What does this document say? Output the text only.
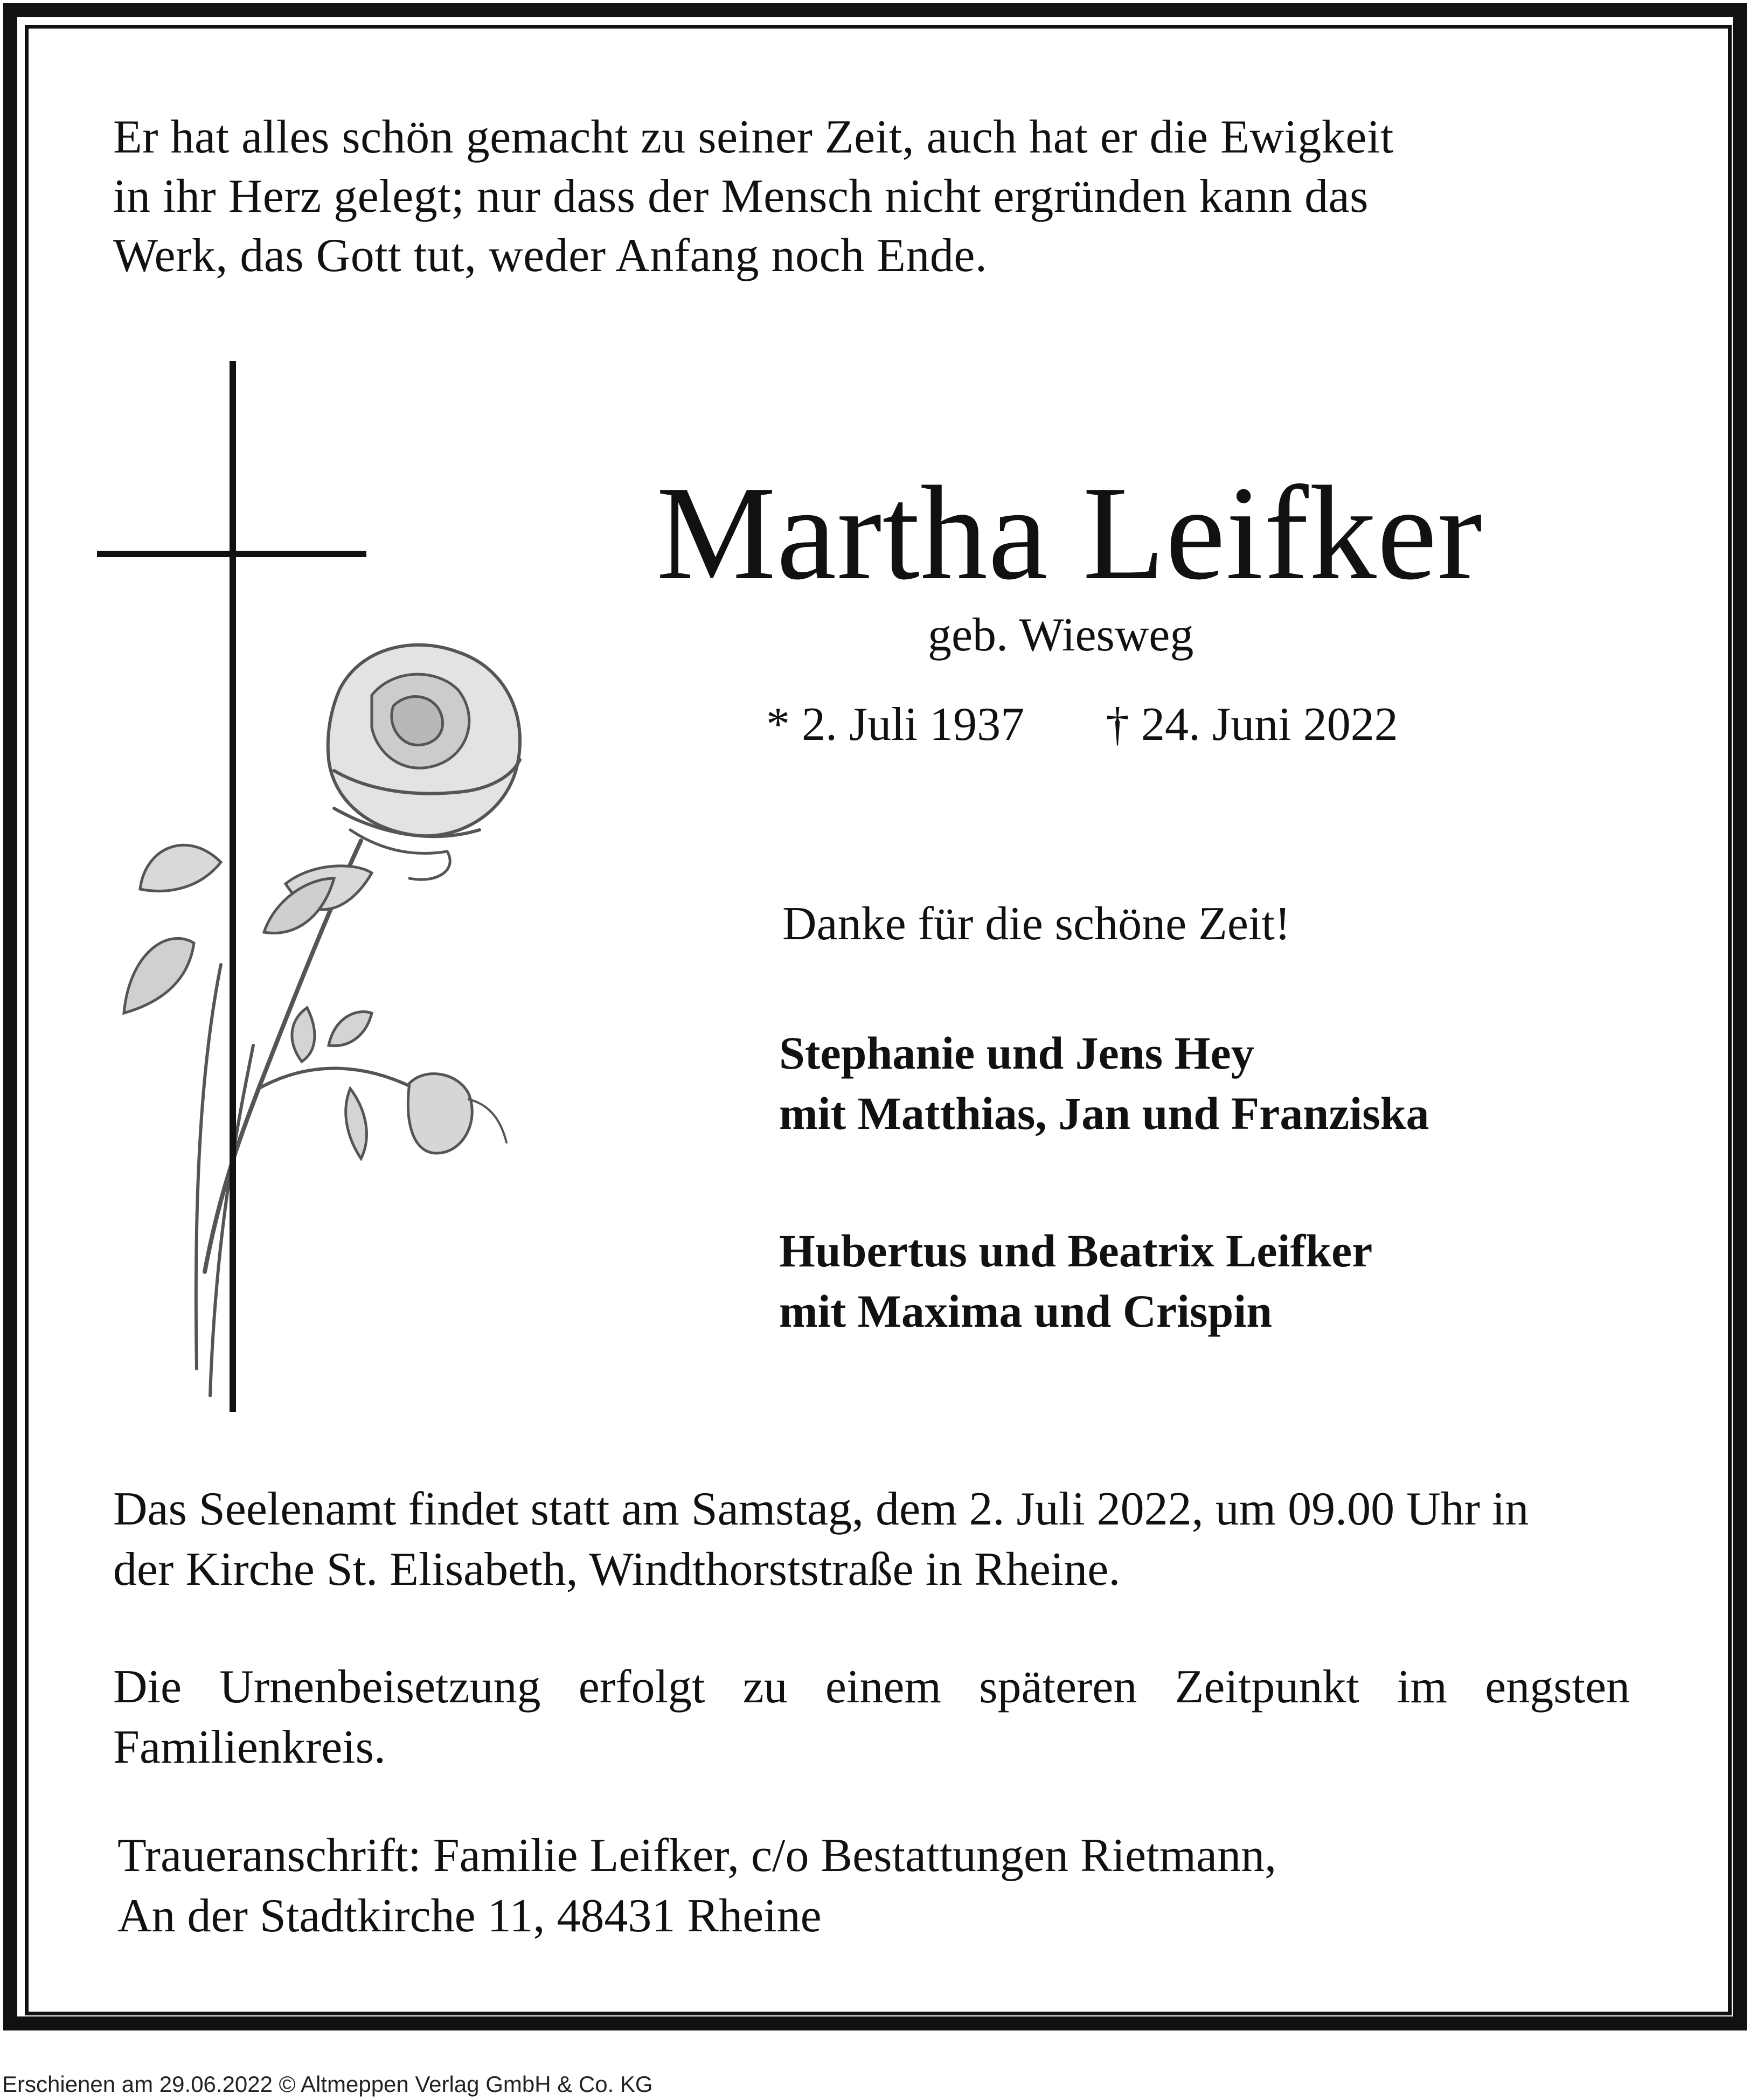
Er hat alles schön gemacht zu seiner Zeit, auch hat er die Ewigkeit
in ihr Herz gelegt; nur dass der Mensch nicht ergründen kann das
Werk, das Gott tut, weder Anfang noch Ende.

Martha Leifker

geb. Wiesweg

* 2. Juli 1937 † 24. Juni 2022

Danke für die schöne Zeit!

Stephanie und Jens Hey
mit Matthias, Jan und Franziska

Hubertus und Beatrix Leifker
mit Maxima und Crispin

Das Seelenamt findet statt am Samstag, dem 2. Juli 2022, um 09.00 Uhr in
der Kirche St. Elisabeth, Windthorststraße in Rheine.

Die Urnenbeisetzung erfolgt zu einem späteren Zeitpunkt im engsten
Familienkreis.

Traueranschrift: Familie Leifker, c/o Bestattungen Rietmann,
An der Stadtkirche 11, 48431 Rheine

Erschienen am 29.06.2022 © Altmeppen Verlag GmbH & Co. KG
